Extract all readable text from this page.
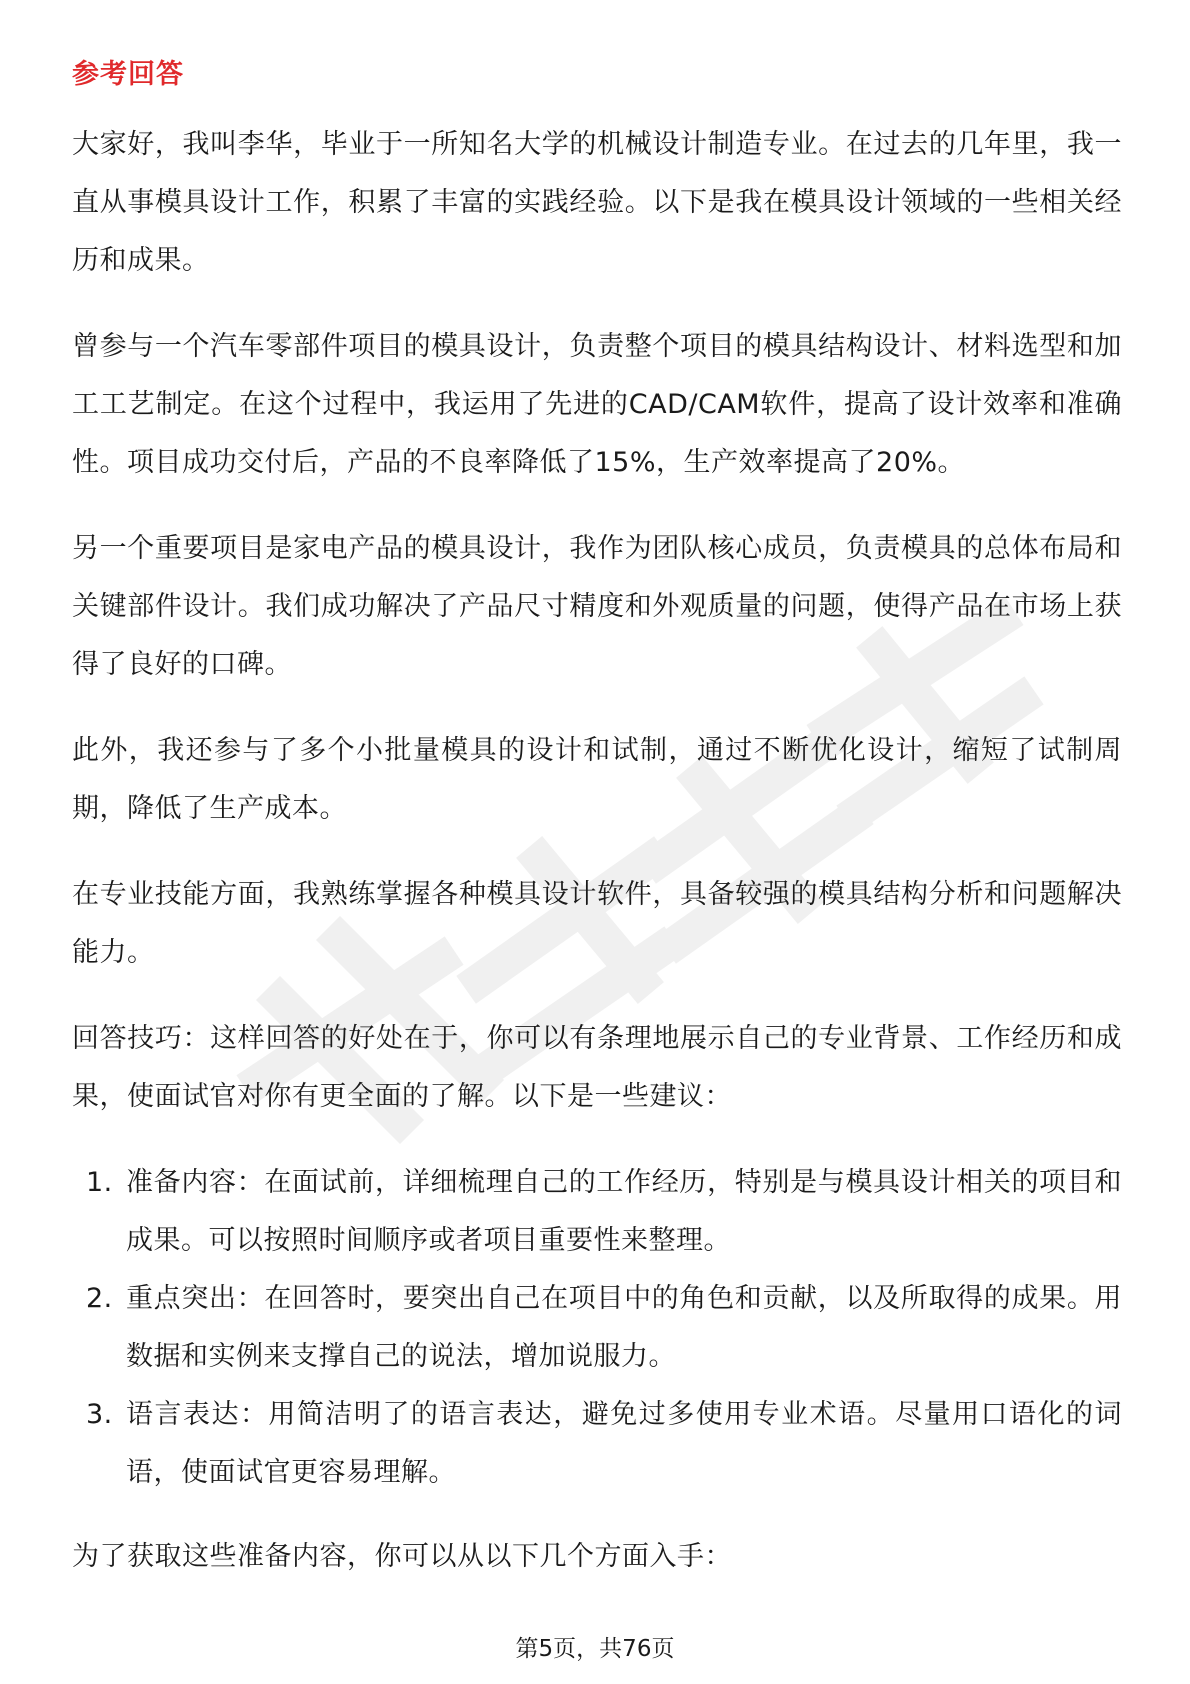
参考回答

大家好，我叫李华，毕业于一所知名大学的机械设计制造专业。在过去的几年里，我一直从事模具设计工作，积累了丰富的实践经验。以下是我在模具设计领域的一些相关经历和成果。

曾参与一个汽车零部件项目的模具设计，负责整个项目的模具结构设计、材料选型和加工工艺制定。在这个过程中，我运用了先进的CAD/CAM软件，提高了设计效率和准确性。项目成功交付后，产品的不良率降低了15%，生产效率提高了20%。

另一个重要项目是家电产品的模具设计，我作为团队核心成员，负责模具的总体布局和关键部件设计。我们成功解决了产品尺寸精度和外观质量的问题，使得产品在市场上获得了良好的口碑。

此外，我还参与了多个小批量模具的设计和试制，通过不断优化设计，缩短了试制周期，降低了生产成本。

在专业技能方面，我熟练掌握各种模具设计软件，具备较强的模具结构分析和问题解决能力。

回答技巧：这样回答的好处在于，你可以有条理地展示自己的专业背景、工作经历和成果，使面试官对你有更全面的了解。以下是一些建议：

1. 准备内容：在面试前，详细梳理自己的工作经历，特别是与模具设计相关的项目和成果。可以按照时间顺序或者项目重要性来整理。
2. 重点突出：在回答时，要突出自己在项目中的角色和贡献，以及所取得的成果。用数据和实例来支撑自己的说法，增加说服力。
3. 语言表达：用简洁明了的语言表达，避免过多使用专业术语。尽量用口语化的词语，使面试官更容易理解。

为了获取这些准备内容，你可以从以下几个方面入手：

第5页，共76页
